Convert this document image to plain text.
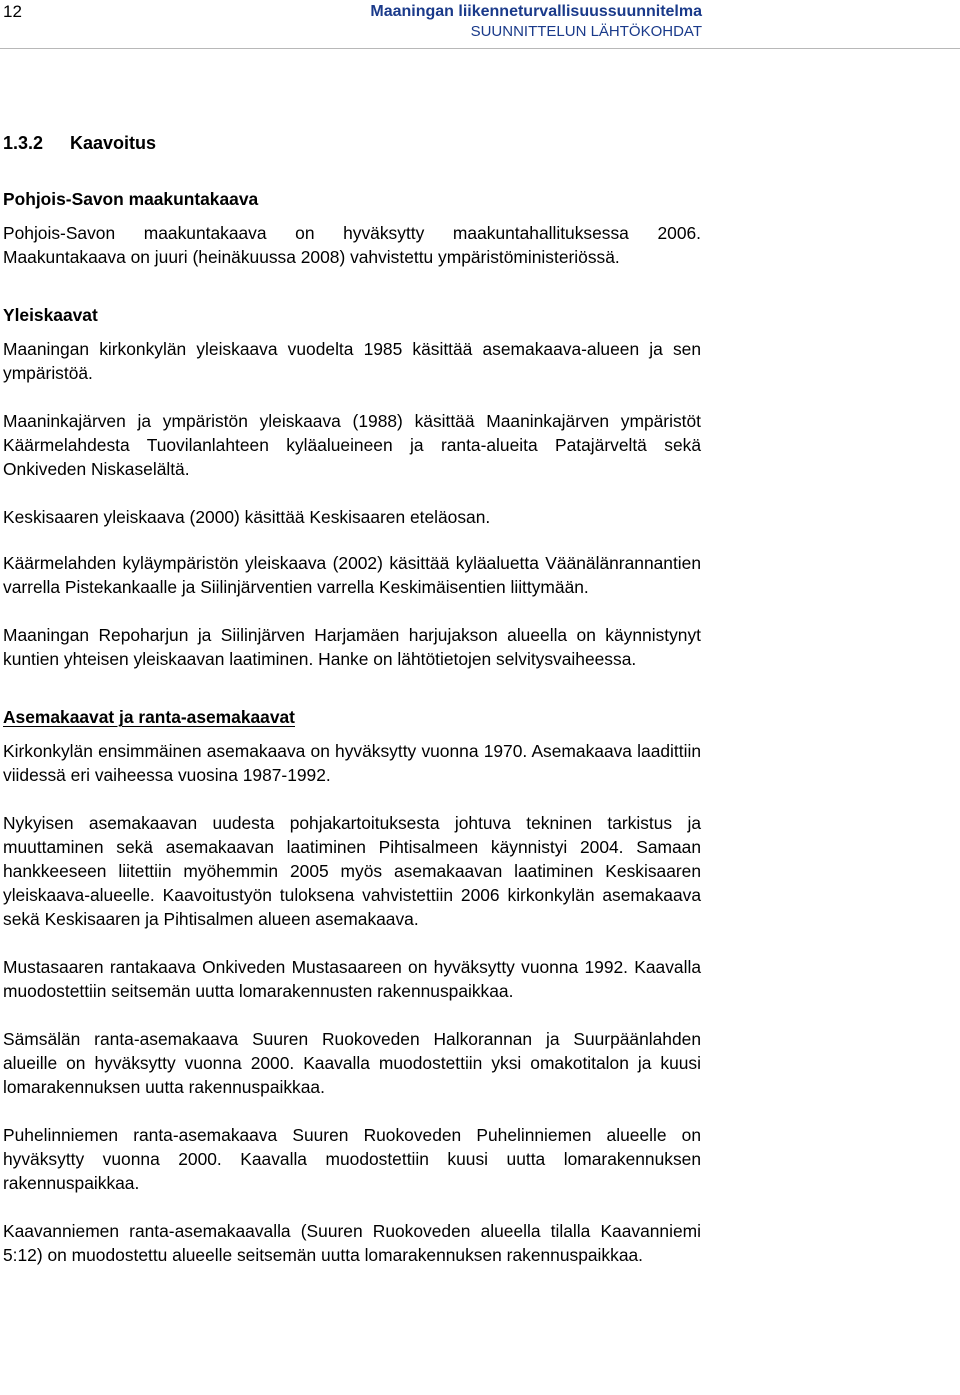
12	Maaningan liikenneturvallisuussuunnitelma
SUUNNITTELUN LÄHTÖKOHDAT
1.3.2 Kaavoitus
Pohjois-Savon maakuntakaava

Pohjois-Savon maakuntakaava on hyväksytty maakuntahallituksessa 2006. Maakuntakaava on juuri (heinäkuussa 2008) vahvistettu ympäristöministeriössä.

Yleiskaavat

Maaningan kirkonkylän yleiskaava vuodelta 1985 käsittää asemakaava-alueen ja sen ympäristöä.

Maaninkajärven ja ympäristön yleiskaava (1988) käsittää Maaninkajärven ympäristöt Käärmelahdesta Tuovilanlahteen kyläalueineen ja ranta-alueita Patajärveltä sekä Onkiveden Niskaselältä.

Keskisaaren yleiskaava (2000) käsittää Keskisaaren eteläosan.

Käärmelahden kyläympäristön yleiskaava (2002) käsittää kyläaluetta Väänälänrannantien varrella Pistekankaalle ja Siilinjärventien varrella Keskimäisentien liittymään.

Maaningan Repoharjun ja Siilinjärven Harjamäen harjujakson alueella on käynnistynyt kuntien yhteisen yleiskaavan laatiminen. Hanke on lähtötietojen selvitysvaiheessa.

Asemakaavat ja ranta-asemakaavat

Kirkonkylän ensimmäinen asemakaava on hyväksytty vuonna 1970. Asemakaava laadittiin viidessä eri vaiheessa vuosina 1987-1992.

Nykyisen asemakaavan uudesta pohjakartoituksesta johtuva tekninen tarkistus ja muuttaminen sekä asemakaavan laatiminen Pihtisalmeen käynnistyi 2004. Samaan hankkeeseen liitettiin myöhemmin 2005 myös asemakaavan laatiminen Keskisaaren yleiskaava-alueelle. Kaavoitustyön tuloksena vahvistettiin 2006 kirkonkylän asemakaava sekä Keskisaaren ja Pihtisalmen alueen asemakaava.

Mustasaaren rantakaava Onkiveden Mustasaareen on hyväksytty vuonna 1992. Kaavalla muodostettiin seitsemän uutta lomarakennusten rakennuspaikkaa.

Sämsälän ranta-asemakaava Suuren Ruokoveden Halkorannan ja Suurpäänlahden alueille on hyväksytty vuonna 2000. Kaavalla muodostettiin yksi omakotitalon ja kuusi lomarakennuksen uutta rakennuspaikkaa.

Puhelinniemen ranta-asemakaava Suuren Ruokoveden Puhelinniemen alueelle on hyväksytty vuonna 2000. Kaavalla muodostettiin kuusi uutta lomarakennuksen rakennuspaikkaa.

Kaavanniemen ranta-asemakaavalla (Suuren Ruokoveden alueella tilalla Kaavanniemi 5:12) on muodostettu alueelle seitsemän uutta lomarakennuksen rakennuspaikkaa.
